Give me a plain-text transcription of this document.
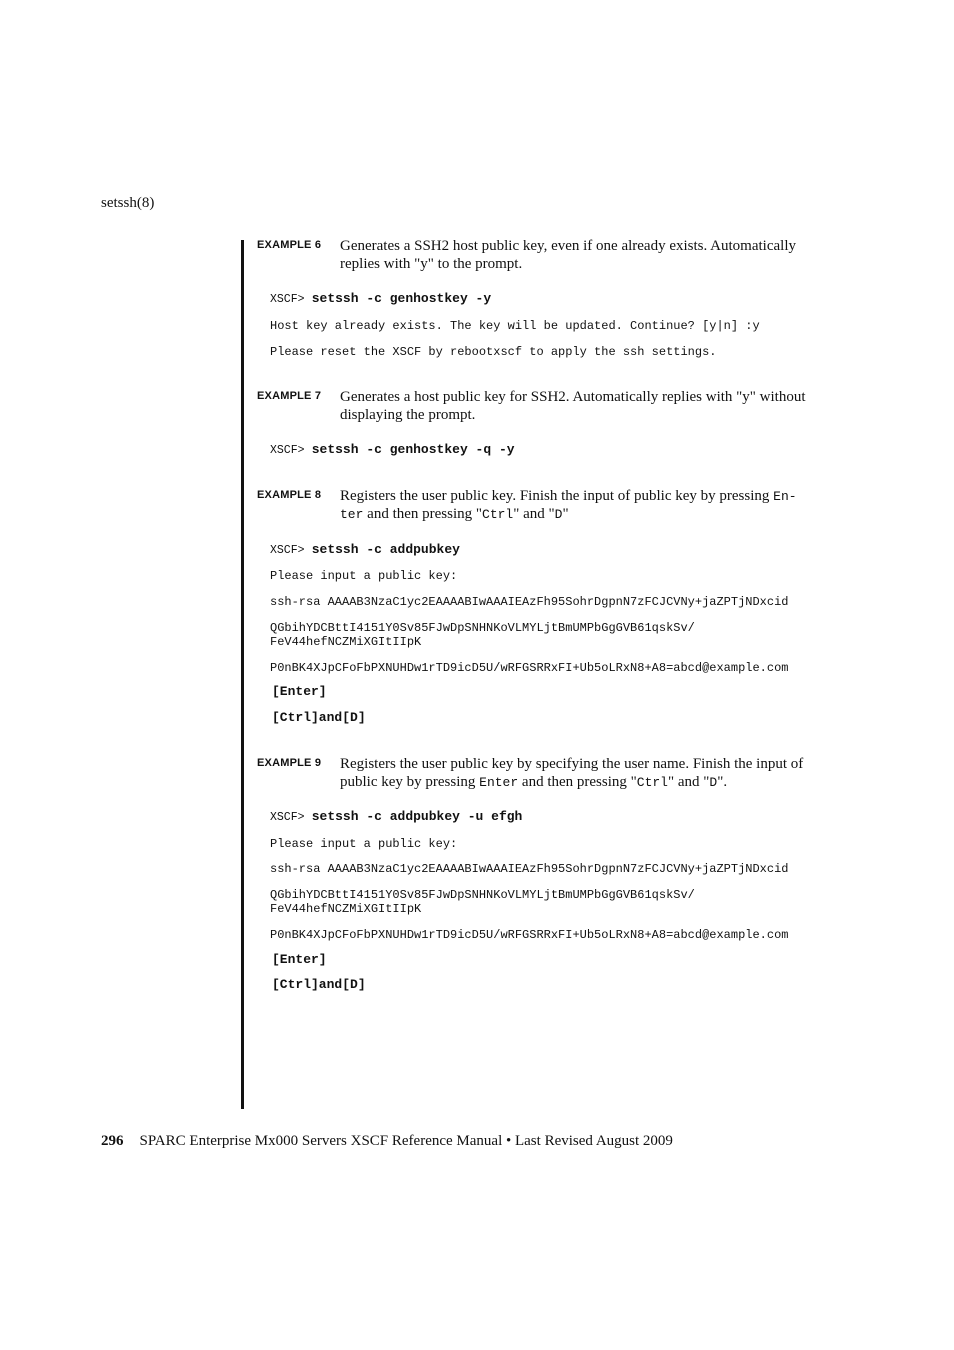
setssh(8)
EXAMPLE 6 Generates a SSH2 host public key, even if one already exists. Automatically
replies with "y" to the prompt.
XSCF> setssh -c genhostkey -y
Host key already exists. The key will be updated. Continue? [y|n] :y
Please reset the XSCF by rebootxscf to apply the ssh settings.
EXAMPLE 7 Generates a host public key for SSH2. Automatically replies with "y" without
displaying the prompt.
XSCF> setssh -c genhostkey -q -y
EXAMPLE 8 Registers the user public key. Finish the input of public key by pressing En-
ter and then pressing "Ctrl" and "D"
XSCF> setssh -c addpubkey
Please input a public key:
ssh-rsa AAAAB3NzaC1yc2EAAAABIwAAAIEAzFh95SohrDgpnN7zFCJCVNy+jaZPTjNDxcid
QGbihYDCBttI4151Y0Sv85FJwDpSNHNKoVLMYLjtBmUMPbGgGVB61qskSv/
FeV44hefNCZMiXGItIIpK
P0nBK4XJpCFoFbPXNUHDw1rTD9icD5U/wRFGSRRxFI+Ub5oLRxN8+A8=abcd@example.com
[Enter]
[Ctrl]and[D]
EXAMPLE 9 Registers the user public key by specifying the user name. Finish the input of
public key by pressing Enter and then pressing "Ctrl" and "D".
XSCF> setssh -c addpubkey -u efgh
Please input a public key:
ssh-rsa AAAAB3NzaC1yc2EAAAABIwAAAIEAzFh95SohrDgpnN7zFCJCVNy+jaZPTjNDxcid
QGbihYDCBttI4151Y0Sv85FJwDpSNHNKoVLMYLjtBmUMPbGgGVB61qskSv/
FeV44hefNCZMiXGItIIpK
P0nBK4XJpCFoFbPXNUHDw1rTD9icD5U/wRFGSRRxFI+Ub5oLRxN8+A8=abcd@example.com
[Enter]
[Ctrl]and[D]
296 SPARC Enterprise Mx000 Servers XSCF Reference Manual • Last Revised August 2009
